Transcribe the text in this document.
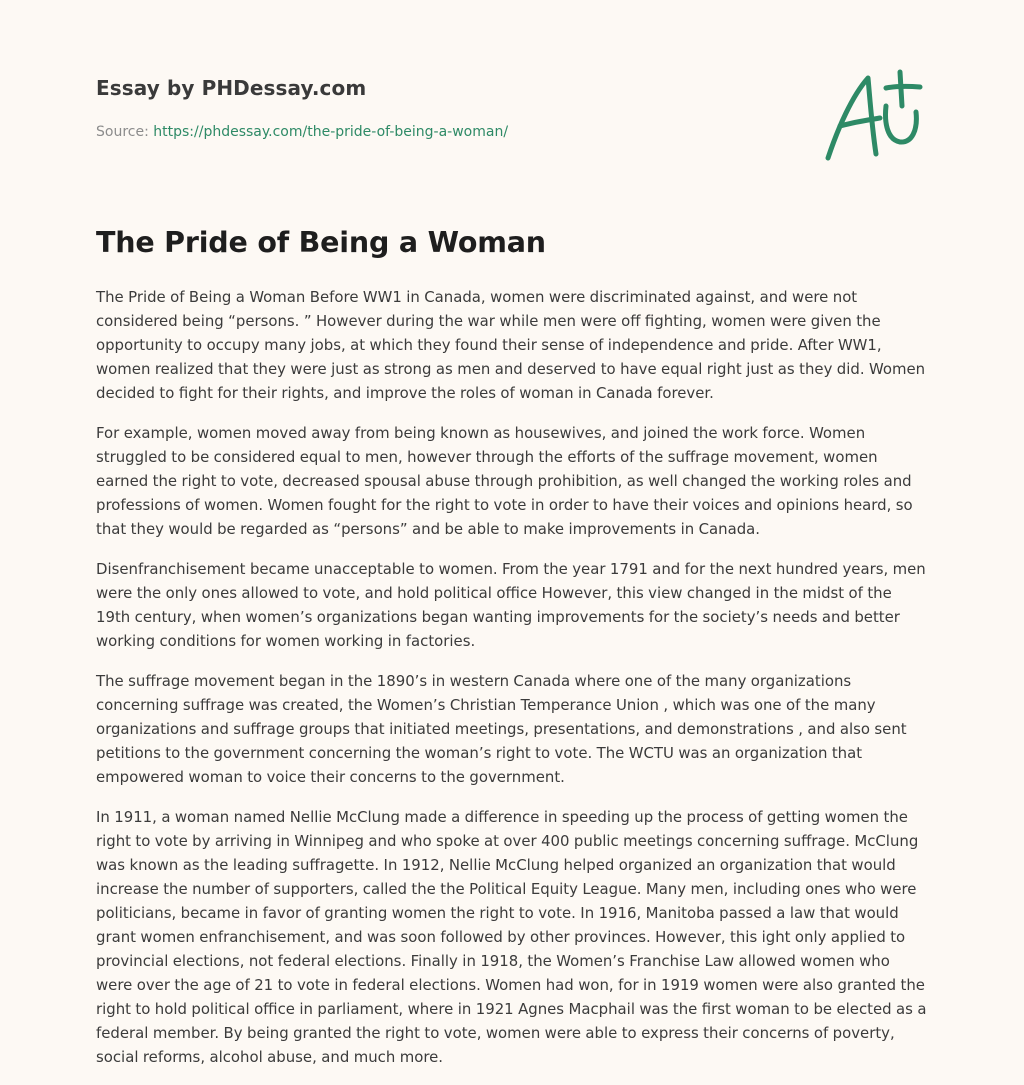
Essay by PHDessay.com
Source: https://phdessay.com/the-pride-of-being-a-woman/
The Pride of Being a Woman

The Pride of Being a Woman Before WW1 in Canada, women were discriminated against, and were not considered being “persons. ” However during the war while men were off fighting, women were given the opportunity to occupy many jobs, at which they found their sense of independence and pride. After WW1, women realized that they were just as strong as men and deserved to have equal right just as they did. Women decided to fight for their rights, and improve the roles of woman in Canada forever.

For example, women moved away from being known as housewives, and joined the work force. Women struggled to be considered equal to men, however through the efforts of the suffrage movement, women earned the right to vote, decreased spousal abuse through prohibition, as well changed the working roles and professions of women. Women fought for the right to vote in order to have their voices and opinions heard, so that they would be regarded as “persons” and be able to make improvements in Canada.

Disenfranchisement became unacceptable to women. From the year 1791 and for the next hundred years, men were the only ones allowed to vote, and hold political office However, this view changed in the midst of the 19th century, when women’s organizations began wanting improvements for the society’s needs and better working conditions for women working in factories.

The suffrage movement began in the 1890’s in western Canada where one of the many organizations concerning suffrage was created, the Women’s Christian Temperance Union , which was one of the many organizations and suffrage groups that initiated meetings, presentations, and demonstrations , and also sent petitions to the government concerning the woman’s right to vote. The WCTU was an organization that empowered woman to voice their concerns to the government.

In 1911, a woman named Nellie McClung made a difference in speeding up the process of getting women the right to vote by arriving in Winnipeg and who spoke at over 400 public meetings concerning suffrage. McClung was known as the leading suffragette. In 1912, Nellie McClung helped organized an organization that would increase the number of supporters, called the the Political Equity League. Many men, including ones who were politicians, became in favor of granting women the right to vote. In 1916, Manitoba passed a law that would grant women enfranchisement, and was soon followed by other provinces. However, this ight only applied to provincial elections, not federal elections. Finally in 1918, the Women’s Franchise Law allowed women who were over the age of 21 to vote in federal elections. Women had won, for in 1919 women were also granted the right to hold political office in parliament, where in 1921 Agnes Macphail was the first woman to be elected as a federal member. By being granted the right to vote, women were able to express their concerns of poverty, social reforms, alcohol abuse, and much more.
